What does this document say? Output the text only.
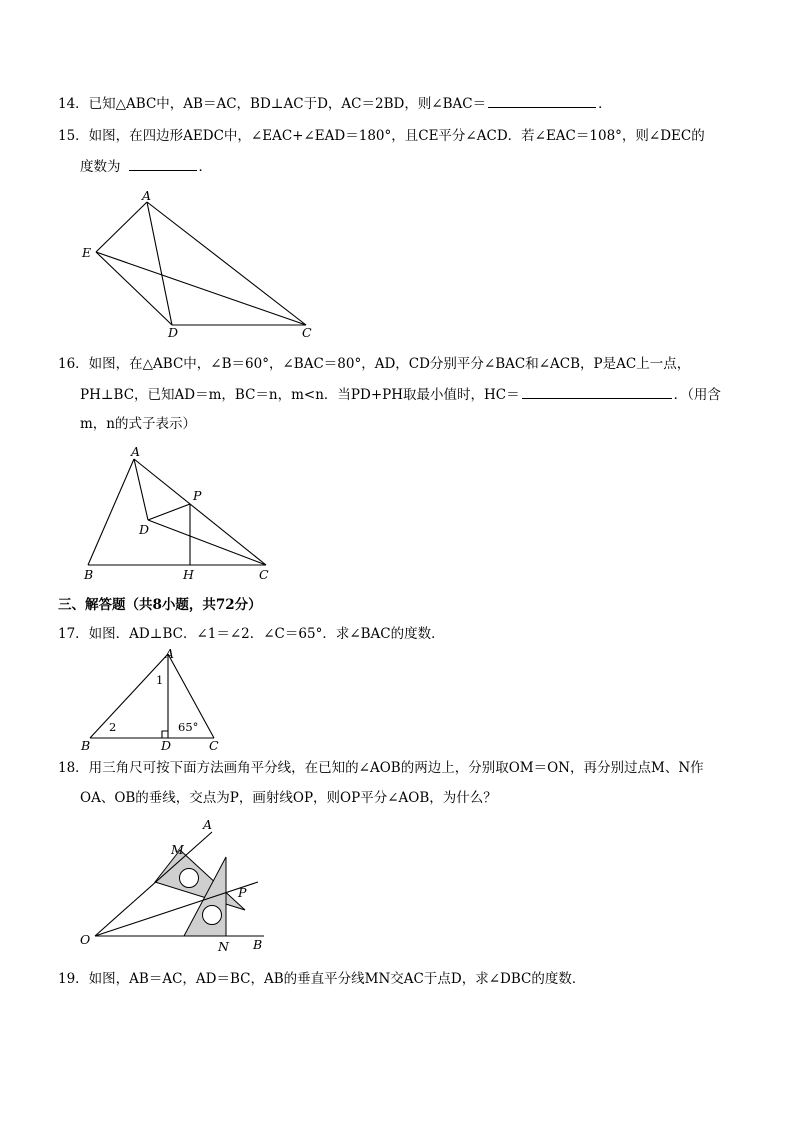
14．已知△ABC中，AB＝AC，BD⊥AC于D，AC＝2BD，则∠BAC＝	．
15．如图，在四边形AEDC中，∠EAC+∠EAD＝180°，且CE平分∠ACD．若∠EAC＝108°，则∠DEC的
度数为	．
A
E
D	C
16．如图，在△ABC中，∠B＝60°，∠BAC＝80°，AD，CD分别平分∠BAC和∠ACB，P是AC上一点，
PH⊥BC，已知AD＝m，BC＝n，m<n．当PD+PH取最小值时，HC＝	．（用含
m，n的式子表示）
A
P
D
B	H	C
三、解答题（共8小题，共72分）
17．如图．AD⊥BC．∠1＝∠2．∠C＝65°．求∠BAC的度数．
A
1
2	65°
B	D	C
18．用三角尺可按下面方法画角平分线，在已知的∠AOB的两边上，分别取OM＝ON，再分别过点M、N作
OA、OB的垂线，交点为P，画射线OP，则OP平分∠AOB，为什么？
A
M
P
O	N B
19．如图，AB＝AC，AD＝BC，AB的垂直平分线MN交AC于点D，求∠DBC的度数．
